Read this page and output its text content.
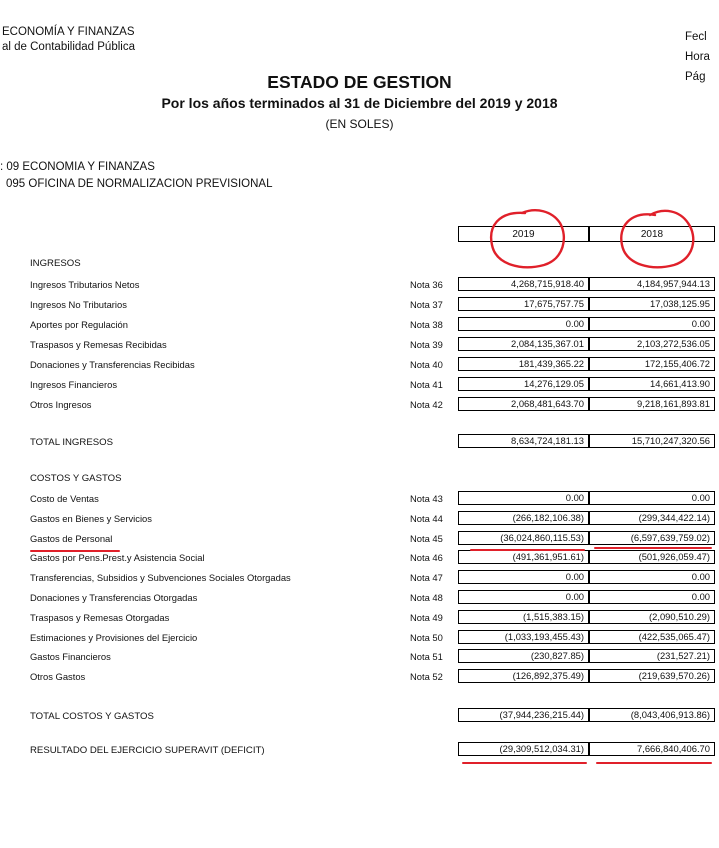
ECONOMÍA Y FINANZAS
al de Contabilidad Pública
Fecl
Hora
Pág
ESTADO DE GESTION
Por los años terminados al 31 de Diciembre del 2019 y 2018
(EN SOLES)
: 09 ECONOMIA Y FINANZAS
095 OFICINA DE NORMALIZACION PREVISIONAL
2019	2018
INGRESOS
Ingresos Tributarios Netos	Nota 36	4,268,715,918.40	4,184,957,944.13
Ingresos No Tributarios	Nota 37	17,675,757.75	17,038,125.95
Aportes por Regulación	Nota 38	0.00	0.00
Traspasos y Remesas Recibidas	Nota 39	2,084,135,367.01	2,103,272,536.05
Donaciones y Transferencias Recibidas	Nota 40	181,439,365.22	172,155,406.72
Ingresos Financieros	Nota 41	14,276,129.05	14,661,413.90
Otros Ingresos	Nota 42	2,068,481,643.70	9,218,161,893.81
TOTAL INGRESOS	8,634,724,181.13	15,710,247,320.56
COSTOS Y GASTOS
Costo de Ventas	Nota 43	0.00	0.00
Gastos en Bienes y Servicios	Nota 44	(266,182,106.38)	(299,344,422.14)
Gastos de Personal	Nota 45	(36,024,860,115.53)	(6,597,639,759.02)
Gastos por Pens.Prest.y Asistencia Social	Nota 46	(491,361,951.61)	(501,926,059.47)
Transferencias, Subsidios y Subvenciones Sociales Otorgadas	Nota 47	0.00	0.00
Donaciones y Transferencias Otorgadas	Nota 48	0.00	0.00
Traspasos y Remesas Otorgadas	Nota 49	(1,515,383.15)	(2,090,510.29)
Estimaciones y Provisiones del Ejercicio	Nota 50	(1,033,193,455.43)	(422,535,065.47)
Gastos Financieros	Nota 51	(230,827.85)	(231,527.21)
Otros Gastos	Nota 52	(126,892,375.49)	(219,639,570.26)
TOTAL COSTOS Y GASTOS	(37,944,236,215.44)	(8,043,406,913.86)
RESULTADO DEL EJERCICIO SUPERAVIT (DEFICIT)	(29,309,512,034.31)	7,666,840,406.70
